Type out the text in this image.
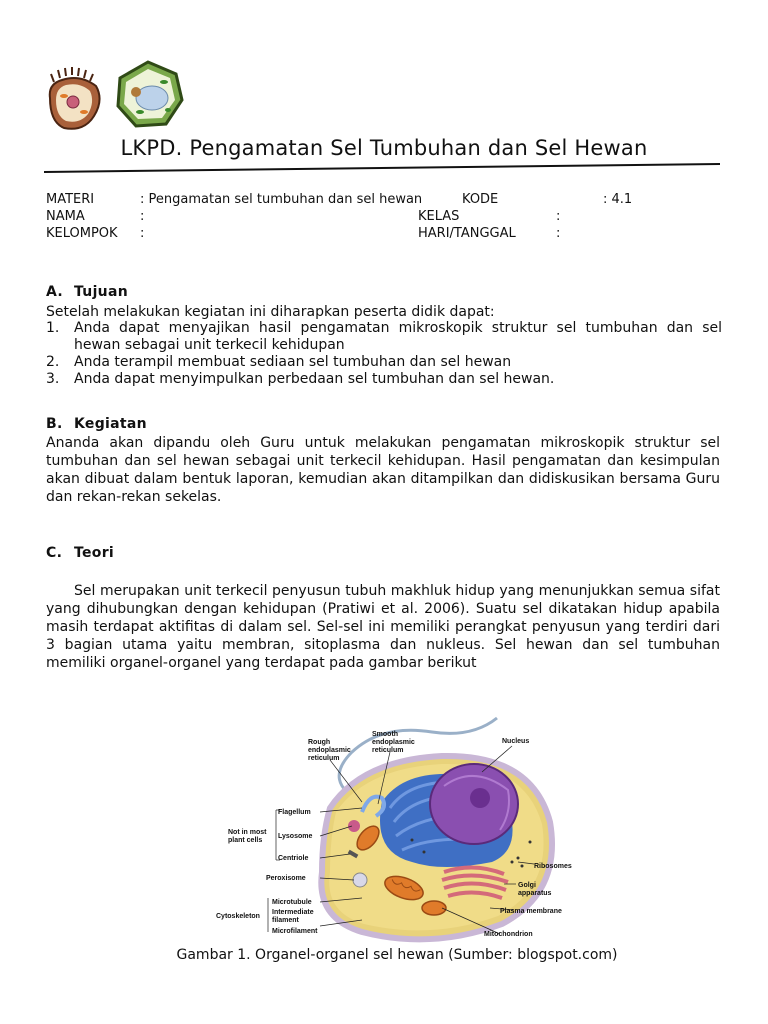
LKPD. Pengamatan Sel Tumbuhan dan Sel Hewan
MATERI	: Pengamatan sel tumbuhan dan sel hewan	KODE	: 4.1
NAMA	:	KELAS	:
KELOMPOK :	HARI/TANGGAL	:
A. Tujuan
Setelah melakukan kegiatan ini diharapkan peserta didik dapat:
1.	Anda dapat menyajikan hasil pengamatan mikroskopik struktur sel tumbuhan dan sel hewan sebagai unit terkecil kehidupan
2.	Anda terampil membuat sediaan sel tumbuhan dan sel hewan
3.	Anda dapat menyimpulkan perbedaan sel tumbuhan dan sel hewan.
B. Kegiatan
Ananda akan dipandu oleh Guru untuk melakukan pengamatan mikroskopik struktur sel tumbuhan dan sel hewan sebagai unit terkecil kehidupan. Hasil pengamatan dan kesimpulan akan dibuat dalam bentuk laporan, kemudian akan ditampilkan dan didiskusikan bersama Guru dan rekan-rekan sekelas.
C. Teori
Sel merupakan unit terkecil penyusun tubuh makhluk hidup yang menunjukkan semua sifat yang dihubungkan dengan kehidupan (Pratiwi et al. 2006). Suatu sel dikatakan hidup apabila masih terdapat aktifitas di dalam sel. Sel-sel ini memiliki perangkat penyusun yang terdiri dari 3 bagian utama yaitu membran, sitoplasma dan nukleus. Sel hewan dan sel tumbuhan memiliki organel-organel yang terdapat pada gambar berikut
Rough
endoplasmic
reticulum
Smooth
endoplasmic
reticulum
Nucleus
Not in most
plant cells
Flagellum
Lysosome
Centriole
Peroxisome
Cytoskeleton
Microtubule
Intermediate
filament
Microfilament
Ribosomes
Golgi
apparatus
Plasma membrane
Mitochondrion
Gambar 1. Organel-organel sel hewan (Sumber: blogspot.com)
